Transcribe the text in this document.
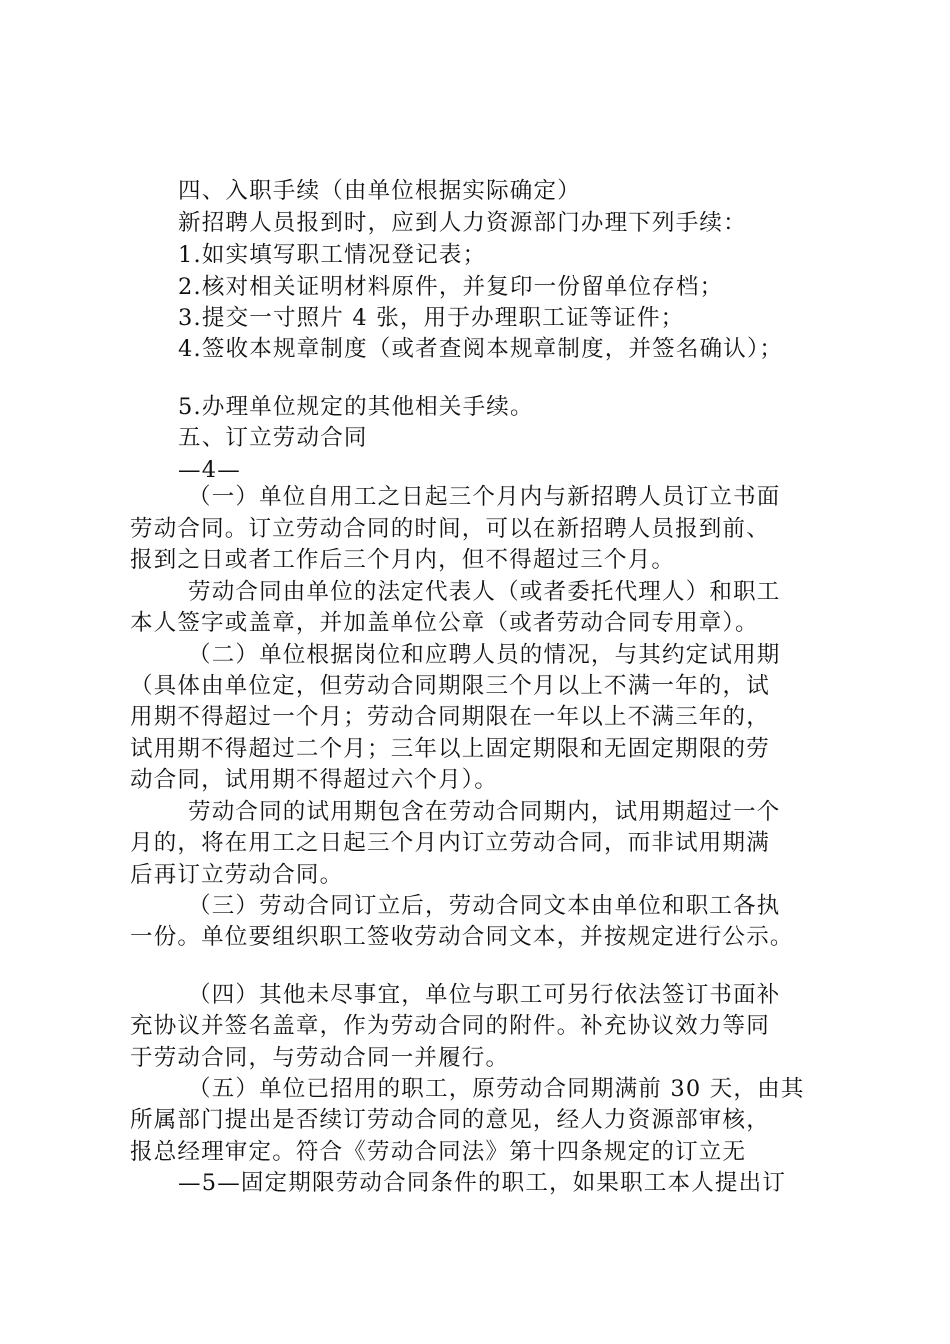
四、入职手续（由单位根据实际确定）
新招聘人员报到时，应到人力资源部门办理下列手续：
1.如实填写职工情况登记表；
2.核对相关证明材料原件，并复印一份留单位存档；
3.提交一寸照片 4 张，用于办理职工证等证件；
4.签收本规章制度（或者查阅本规章制度，并签名确认）；
5.办理单位规定的其他相关手续。
五、订立劳动合同
—4—
（一）单位自用工之日起三个月内与新招聘人员订立书面
劳动合同。订立劳动合同的时间，可以在新招聘人员报到前、
报到之日或者工作后三个月内，但不得超过三个月。
劳动合同由单位的法定代表人（或者委托代理人）和职工
本人签字或盖章，并加盖单位公章（或者劳动合同专用章）。
（二）单位根据岗位和应聘人员的情况，与其约定试用期
（具体由单位定，但劳动合同期限三个月以上不满一年的，试
用期不得超过一个月；劳动合同期限在一年以上不满三年的，
试用期不得超过二个月；三年以上固定期限和无固定期限的劳
动合同，试用期不得超过六个月）。
劳动合同的试用期包含在劳动合同期内，试用期超过一个
月的，将在用工之日起三个月内订立劳动合同，而非试用期满
后再订立劳动合同。
（三）劳动合同订立后，劳动合同文本由单位和职工各执
一份。单位要组织职工签收劳动合同文本，并按规定进行公示。
（四）其他未尽事宜，单位与职工可另行依法签订书面补
充协议并签名盖章，作为劳动合同的附件。补充协议效力等同
于劳动合同，与劳动合同一并履行。
（五）单位已招用的职工，原劳动合同期满前 30 天，由其
所属部门提出是否续订劳动合同的意见，经人力资源部审核，
报总经理审定。符合《劳动合同法》第十四条规定的订立无
—5—固定期限劳动合同条件的职工，如果职工本人提出订
